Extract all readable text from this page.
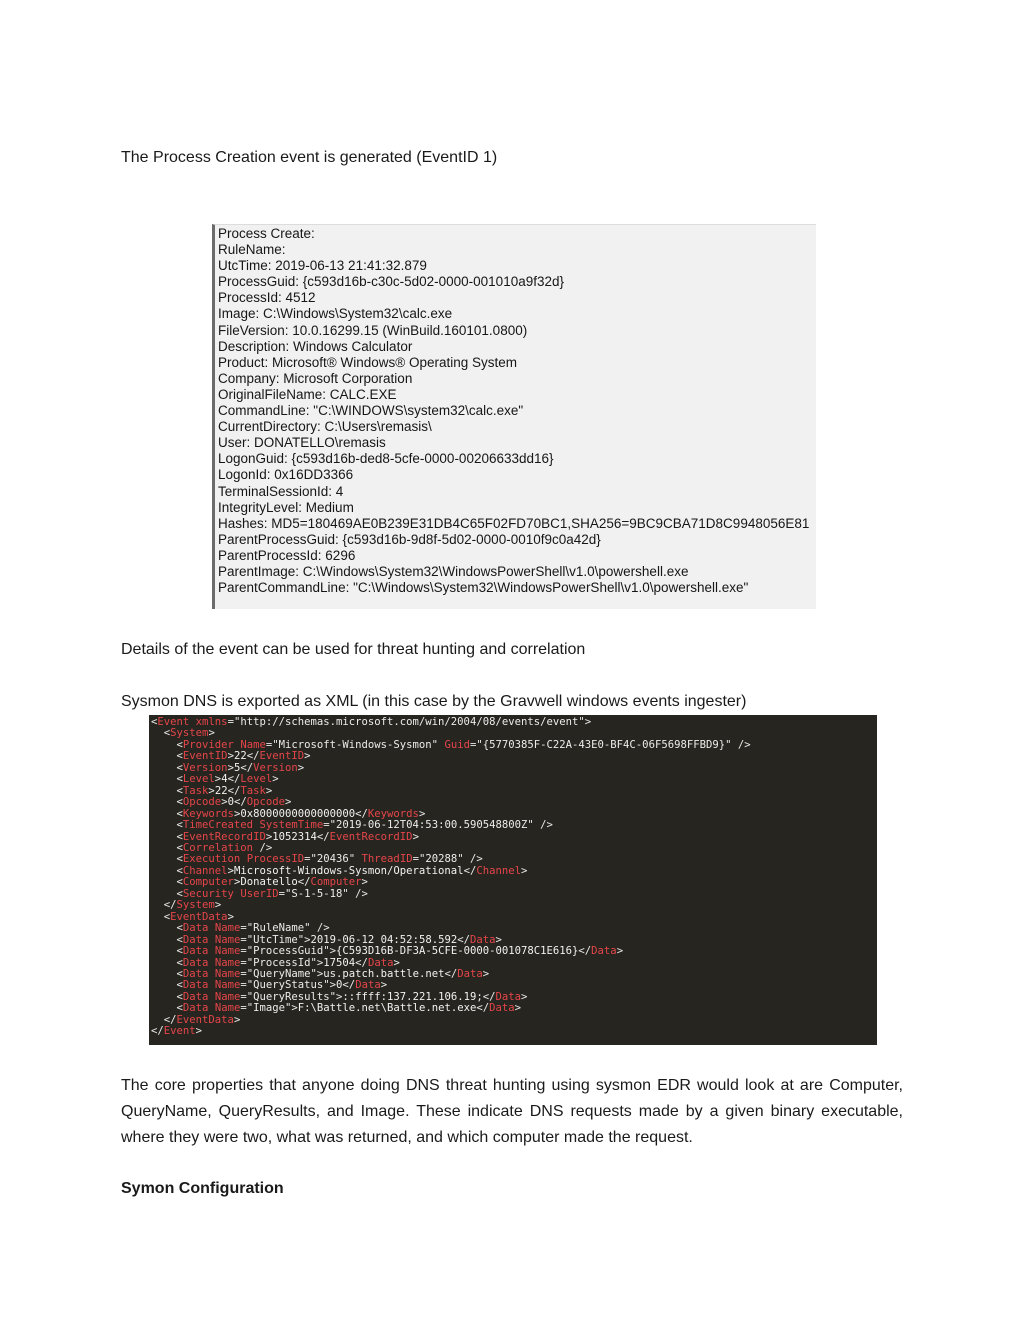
The Process Creation event is generated (EventID 1)

Process Create:
RuleName:
UtcTime: 2019-06-13 21:41:32.879
ProcessGuid: {c593d16b-c30c-5d02-0000-001010a9f32d}
ProcessId: 4512
Image: C:\Windows\System32\calc.exe
FileVersion: 10.0.16299.15 (WinBuild.160101.0800)
Description: Windows Calculator
Product: Microsoft® Windows® Operating System
Company: Microsoft Corporation
OriginalFileName: CALC.EXE
CommandLine: "C:\WINDOWS\system32\calc.exe"
CurrentDirectory: C:\Users\remasis\
User: DONATELLO\remasis
LogonGuid: {c593d16b-ded8-5cfe-0000-00206633dd16}
LogonId: 0x16DD3366
TerminalSessionId: 4
IntegrityLevel: Medium
Hashes: MD5=180469AE0B239E31DB4C65F02FD70BC1,SHA256=9BC9CBA71D8C9948056E81
ParentProcessGuid: {c593d16b-9d8f-5d02-0000-0010f9c0a42d}
ParentProcessId: 6296
ParentImage: C:\Windows\System32\WindowsPowerShell\v1.0\powershell.exe
ParentCommandLine: "C:\Windows\System32\WindowsPowerShell\v1.0\powershell.exe"

Details of the event can be used for threat hunting and correlation

Sysmon DNS is exported as XML (in this case by the Gravwell windows events ingester)

<Event xmlns="http://schemas.microsoft.com/win/2004/08/events/event">
<System>
<Provider Name="Microsoft-Windows-Sysmon" Guid="{5770385F-C22A-43E0-BF4C-06F5698FFBD9}" />
<EventID>22</EventID>
<Version>5</Version>
<Level>4</Level>
<Task>22</Task>
<Opcode>0</Opcode>
<Keywords>0x8000000000000000</Keywords>
<TimeCreated SystemTime="2019-06-12T04:53:00.590548800Z" />
<EventRecordID>1052314</EventRecordID>
<Correlation />
<Execution ProcessID="20436" ThreadID="20288" />
<Channel>Microsoft-Windows-Sysmon/Operational</Channel>
<Computer>Donatello</Computer>
<Security UserID="S-1-5-18" />
</System>
<EventData>
<Data Name="RuleName" />
<Data Name="UtcTime">2019-06-12 04:52:58.592</Data>
<Data Name="ProcessGuid">{C593D16B-DF3A-5CFE-0000-001078C1E616}</Data>
<Data Name="ProcessId">17504</Data>
<Data Name="QueryName">us.patch.battle.net</Data>
<Data Name="QueryStatus">0</Data>
<Data Name="QueryResults">::ffff:137.221.106.19;</Data>
<Data Name="Image">F:\Battle.net\Battle.net.exe</Data>
</EventData>
</Event>

The core properties that anyone doing DNS threat hunting using sysmon EDR would look at are Computer, QueryName, QueryResults, and Image. These indicate DNS requests made by a given binary executable, where they were two, what was returned, and which computer made the request.

Symon Configuration
